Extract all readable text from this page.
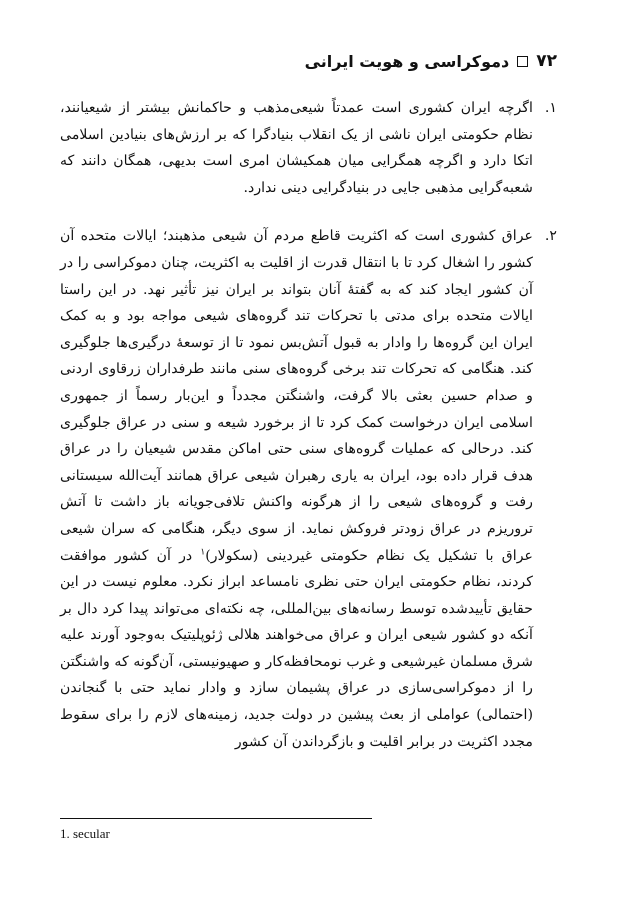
۷۲
دموکراسی و هویت ایرانی
۱.

اگرچه ایران کشوری است عمدتاً شیعی‌مذهب و حاکمانش بیشتر از شیعیانند، نظام حکومتی ایران ناشی از یک انقلاب بنیادگرا که بر ارزش‌های بنیادین اسلامی اتکا دارد و اگرچه همگرایی میان همکیشان امری است بدیهی، همگان دانند که شعبه‌گرایی مذهبی جایی در بنیادگرایی دینی ندارد.

۲.

عراق کشوری است که اکثریت قاطع مردم آن شیعی مذهبند؛ ایالات متحده آن کشور را اشغال کرد تا با انتقال قدرت از اقلیت به اکثریت، چنان دموکراسی را در آن کشور ایجاد کند که به گفتهٔ آنان بتواند بر ایران نیز تأثیر نهد. در این راستا ایالات متحده برای مدتی با تحرکات تند گروه‌های شیعی مواجه بود و به کمک ایران این گروه‌ها را وادار به قبول آتش‌بس نمود تا از توسعهٔ درگیری‌ها جلوگیری کند. هنگامی که تحرکات تند برخی گروه‌های سنی مانند طرفداران زرقاوی اردنی و صدام حسین بعثی بالا گرفت، واشنگتن مجدداً و این‌بار رسماً از جمهوری اسلامی ایران درخواست کمک کرد تا از برخورد شیعه و سنی در عراق جلوگیری کند. درحالی که عملیات گروه‌های سنی حتی اماکن مقدس شیعیان را در عراق هدف قرار داده بود، ایران به یاری رهبران شیعی عراق همانند آیت‌الله سیستانی رفت و گروه‌های شیعی را از هرگونه واکنش تلافی‌جویانه باز داشت تا آتش تروریزم در عراق زودتر فروکش نماید. از سوی دیگر، هنگامی که سران شیعی عراق با تشکیل یک نظام حکومتی غیردینی (سکولار)$^۱$ در آن کشور موافقت کردند، نظام حکومتی ایران حتی نظری نامساعد ابراز نکرد. معلوم نیست در این حقایق تأییدشده توسط رسانه‌های بین‌المللی، چه نکته‌ای می‌تواند پیدا کرد دال بر آنکه دو کشور شیعی ایران و عراق می‌خواهند هلالی ژئوپلیتیک به‌وجود آورند علیه شرق مسلمان غیرشیعی و غرب نومحافظه‌کار و صهیونیستی، آن‌گونه که واشنگتن را از دموکراسی‌سازی در عراق پشیمان سازد و وادار نماید حتی با گنجاندن (احتمالی) عواملی از بعث پیشین در دولت جدید، زمینه‌های لازم را برای سقوط مجدد اکثریت در برابر اقلیت و بازگرداندن آن کشور

1. secular
